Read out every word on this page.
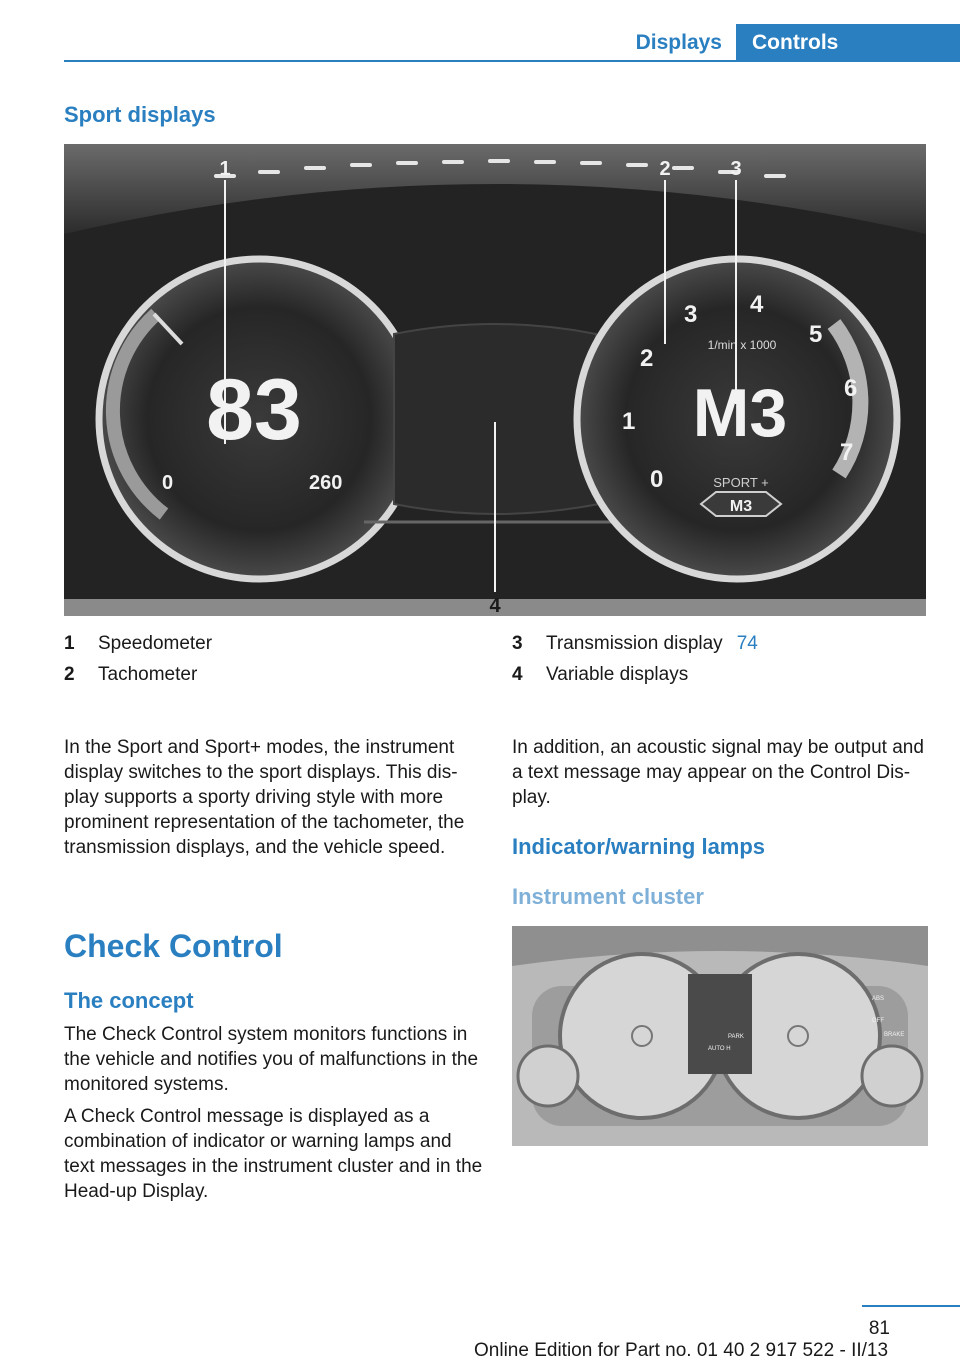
Displays	Controls
Sport displays
83
0	260	0
1
2
3 4
5
6
7
1/min x 1000
M3
SPORT +
M3
1	2	3
4
1	Speedometer
2	Tachometer
3	Transmission display 74
4	Variable displays
In the Sport and Sport+ modes, the instrument display switches to the sport displays. This dis‐ play supports a sporty driving style with more prominent representation of the tachometer, the transmission displays, and the vehicle speed.
Check Control
The concept
The Check Control system monitors functions in the vehicle and notifies you of malfunctions in the monitored systems.
A Check Control message is displayed as a combination of indicator or warning lamps and text messages in the instrument cluster and in the Head-up Display.
In addition, an acoustic signal may be output and a text message may appear on the Control Dis‐ play.
Indicator/warning lamps
Instrument cluster
ABS
PARK
AUTO H
BRAKE
OFF
81
Online Edition for Part no. 01 40 2 917 522 - II/13
